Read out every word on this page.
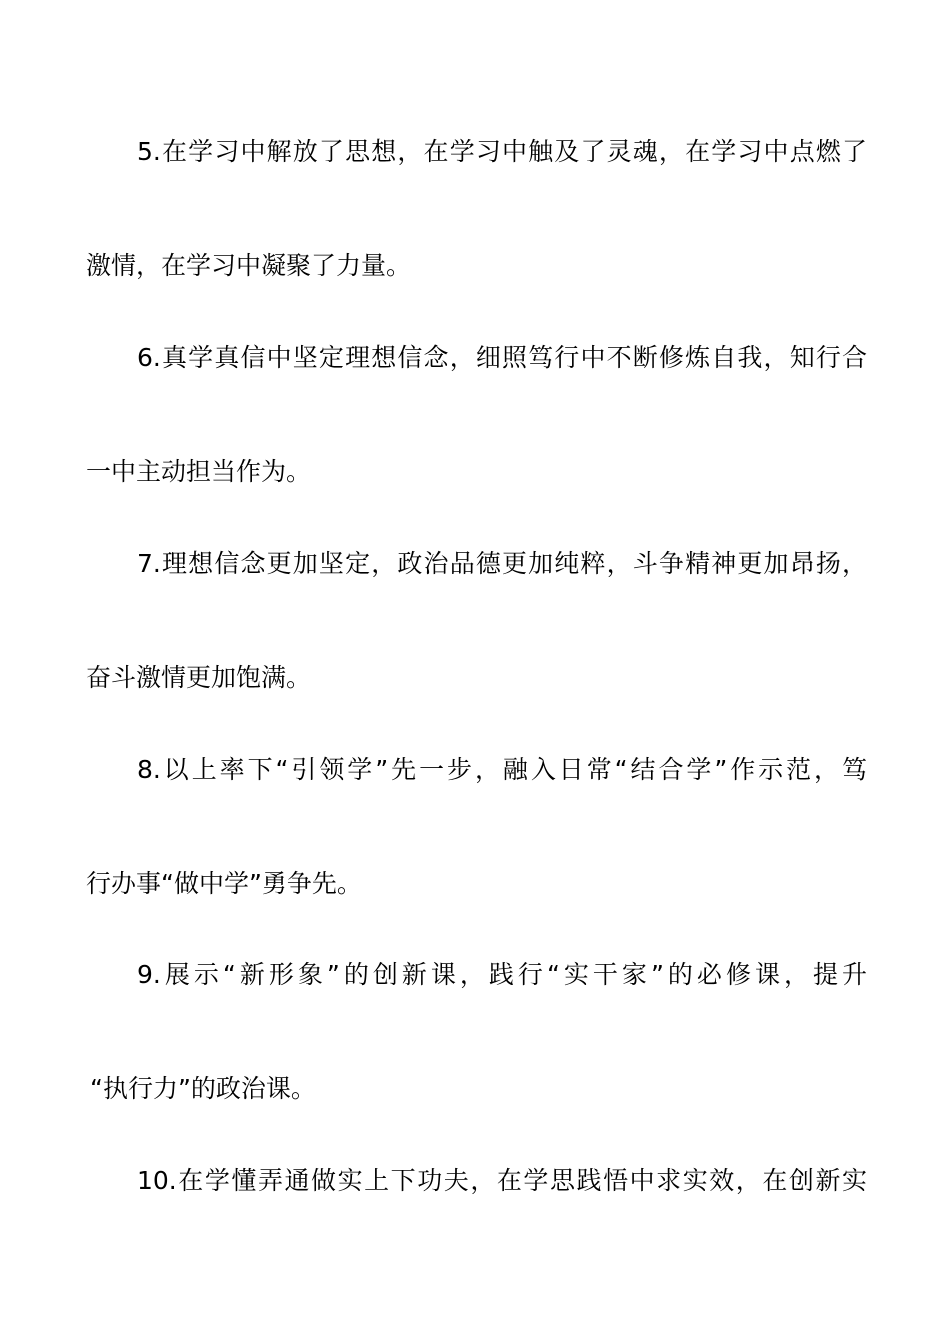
5.在学习中解放了思想，在学习中触及了灵魂，在学习中点燃了
激情，在学习中凝聚了力量。
6.真学真信中坚定理想信念，细照笃行中不断修炼自我，知行合
一中主动担当作为。
7.理想信念更加坚定，政治品德更加纯粹，斗争精神更加昂扬，
奋斗激情更加饱满。
8.以上率下“引领学”先一步，融入日常“结合学”作示范，笃
行办事“做中学”勇争先。
9.展示“新形象”的创新课，践行“实干家”的必修课，提升
“执行力”的政治课。
10.在学懂弄通做实上下功夫，在学思践悟中求实效，在创新实
